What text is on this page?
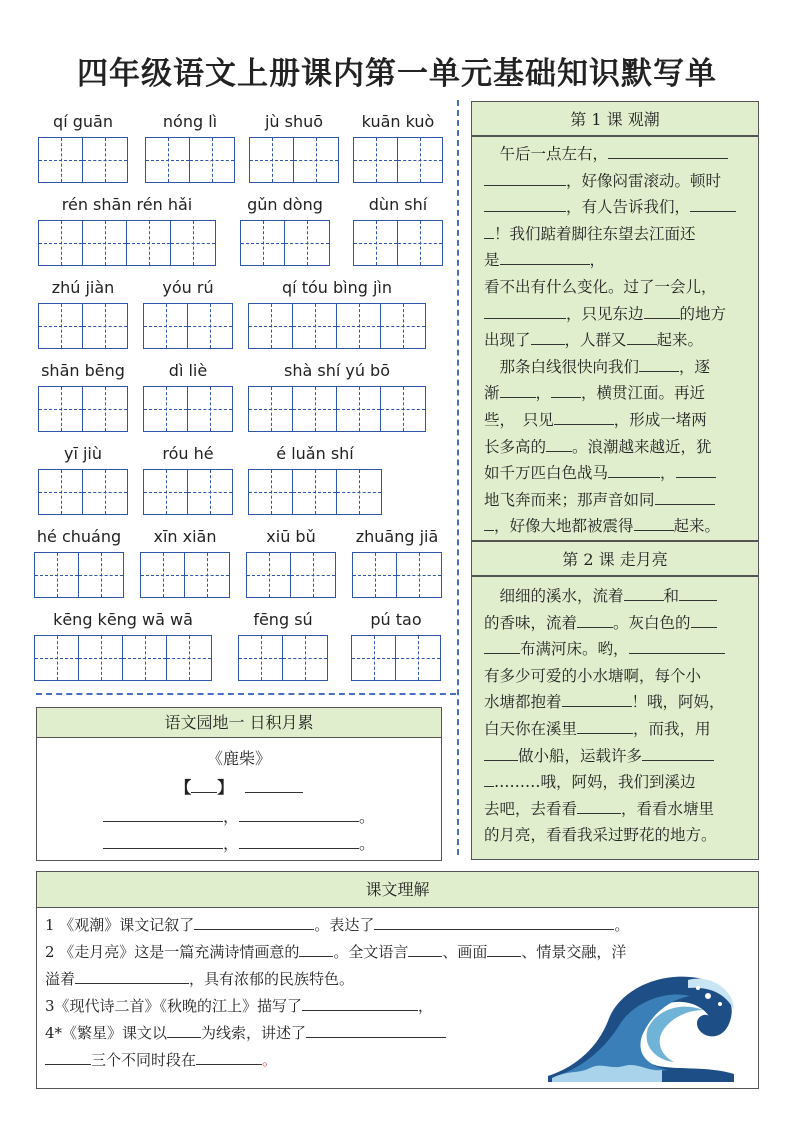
四年级语文上册课内第一单元基础知识默写单
qí guān	nóng lì	jù shuō	kuān kuò
rén shān rén hǎi	gǔn dòng	dùn shí
zhú jiàn	yóu rú	qí tóu bìng jìn
shān bēng	dì liè	shà shí yú bō
yī jiù	róu hé	é luǎn shí
hé chuáng	xīn xiān	xiū bǔ	zhuāng jiā
kēng kēng wā wā	fēng sú	pú tao
语文园地一 日积月累
《鹿柴》
【 】
，	。
，	。
第 1 课 观潮
　午后一点左右，
，好像闷雷滚动。顿时
，有人告诉我们，
！我们踮着脚往东望去江面还
是	，
看不出有什么变化。过了一会儿，
，只见东边 的地方
出现了 ，人群又 起来。
　那条白线很快向我们	，逐
渐 ， ，横贯江面。再近
些，　只见	，形成一堵两
长多高的 。浪潮越来越近，犹
如千万匹白色战马	，
地飞奔而来；那声音如同
，好像大地都被震得	起来。
第 2 课 走月亮
　细细的溪水，流着	和
的香味，流着 。灰白色的
布满河床。哟，
有多少可爱的小水塘啊，每个小
水塘都抱着	！哦，阿妈，
白天你在溪里	，而我，用
做小船，运载许多
………哦，阿妈，我们到溪边
去吧，去看看	，看看水塘里
的月亮，看看我采过野花的地方。
课文理解
1 《观潮》课文记叙了	。表达了	。
2 《走月亮》这是一篇充满诗情画意的 。全文语言 、画面 、情景交融，洋
溢着	，具有浓郁的民族特色。
3《现代诗二首》《秋晚的江上》描写了	，
4*《繁星》课文以 为线索，讲述了
三个不同时段在	。
